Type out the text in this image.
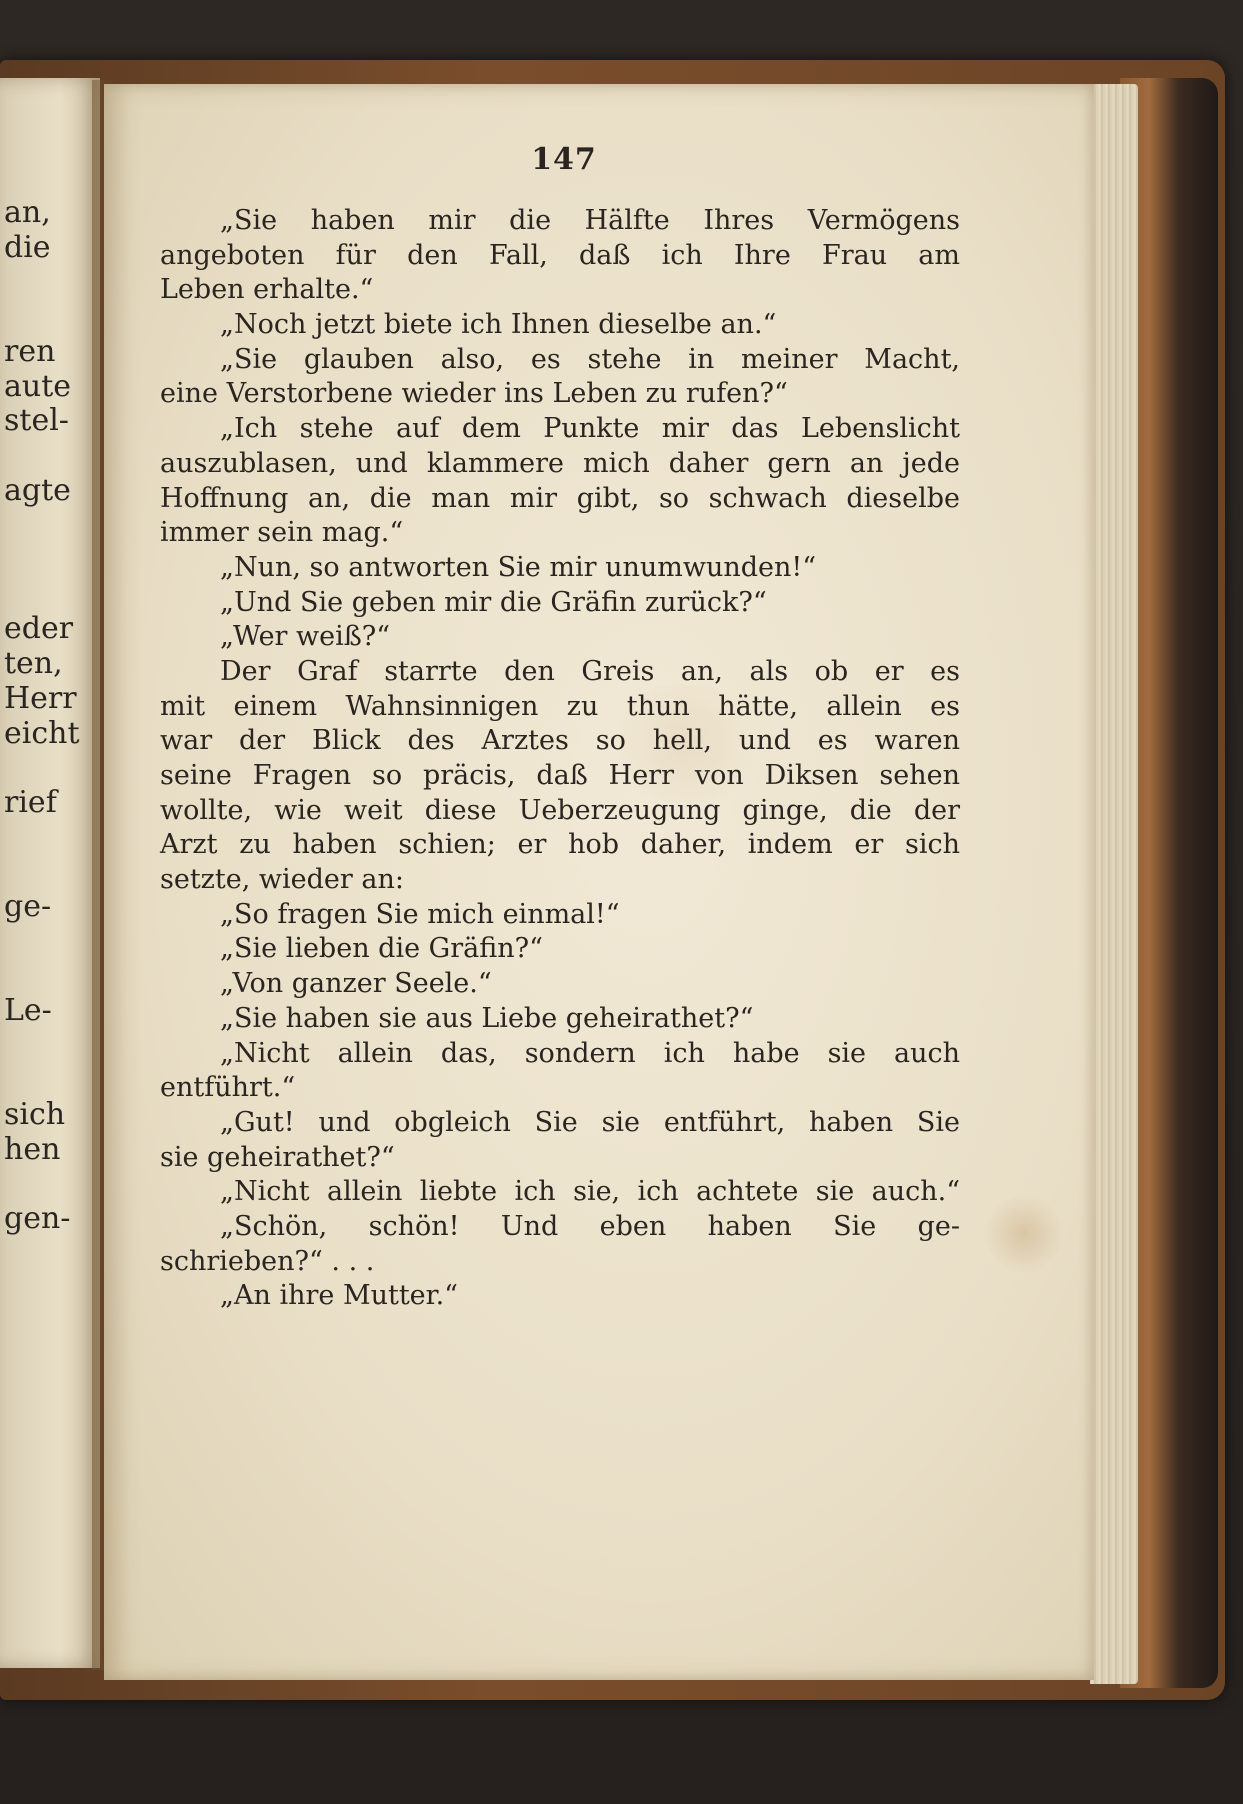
an,
die
ren
aute
stel-
agte
eder
ten,
Herr
eicht
rief
ge-
Le-
sich
hen
gen-
147
„Sie haben mir die Hälfte Ihres Vermögens
angeboten für den Fall, daß ich Ihre Frau am
Leben erhalte.“
„Noch jetzt biete ich Ihnen dieselbe an.“
„Sie glauben also, es stehe in meiner Macht,
eine Verstorbene wieder ins Leben zu rufen?“
„Ich stehe auf dem Punkte mir das Lebenslicht
auszublasen, und klammere mich daher gern an jede
Hoffnung an, die man mir gibt, so schwach dieselbe
immer sein mag.“
„Nun, so antworten Sie mir unumwunden!“
„Und Sie geben mir die Gräfin zurück?“
„Wer weiß?“
Der Graf starrte den Greis an, als ob er es
mit einem Wahnsinnigen zu thun hätte, allein es
war der Blick des Arztes so hell, und es waren
seine Fragen so präcis, daß Herr von Diksen sehen
wollte, wie weit diese Ueberzeugung ginge, die der
Arzt zu haben schien; er hob daher, indem er sich
setzte, wieder an:
„So fragen Sie mich einmal!“
„Sie lieben die Gräfin?“
„Von ganzer Seele.“
„Sie haben sie aus Liebe geheirathet?“
„Nicht allein das, sondern ich habe sie auch
entführt.“
„Gut! und obgleich Sie sie entführt, haben Sie
sie geheirathet?“
„Nicht allein liebte ich sie, ich achtete sie auch.“
„Schön, schön! Und eben haben Sie ge-
schrieben?“ . . .
„An ihre Mutter.“
